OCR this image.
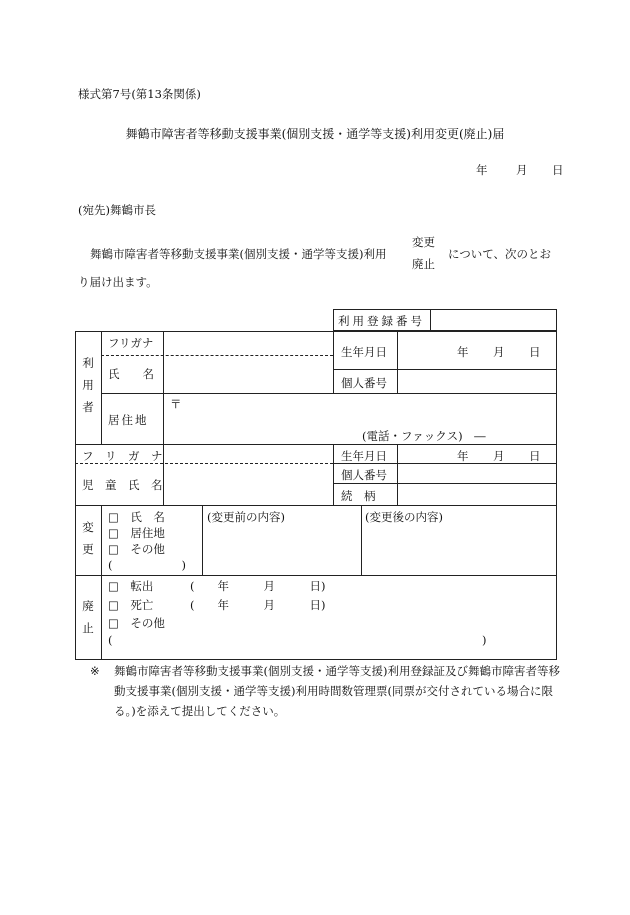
様式第7号(第13条関係)
舞鶴市障害者等移動支援事業(個別支援・通学等支援)利用変更(廃止)届
年 月 日
(宛先)舞鶴市長
舞鶴市障害者等移動支援事業(個別支援・通学等支援)利用
変更
廃止
について、次のとお
り届け出ます。
利用登録番号
利
用
者
フリガナ
氏　　名
生年月日	年 月 日
個人番号
居住地
〒
(電話・ファックス)　―
フ　リ　ガ　ナ
児　童　氏　名
生年月日	年 月 日
個人番号
続　柄
変
更
□　氏　名
□　居住地
□　その他
(　　　　　　)
(変更前の内容)	(変更後の内容)
廃
止
□　転出	(　　年　　　月　　　日)
□　死亡	(　　年　　　月　　　日)
□　その他
(	)
※ 舞鶴市障害者等移動支援事業(個別支援・通学等支援)利用登録証及び舞鶴市障害者等移動支援事業(個別支援・通学等支援)利用時間数管理票(同票が交付されている場合に限る。)を添えて提出してください。
